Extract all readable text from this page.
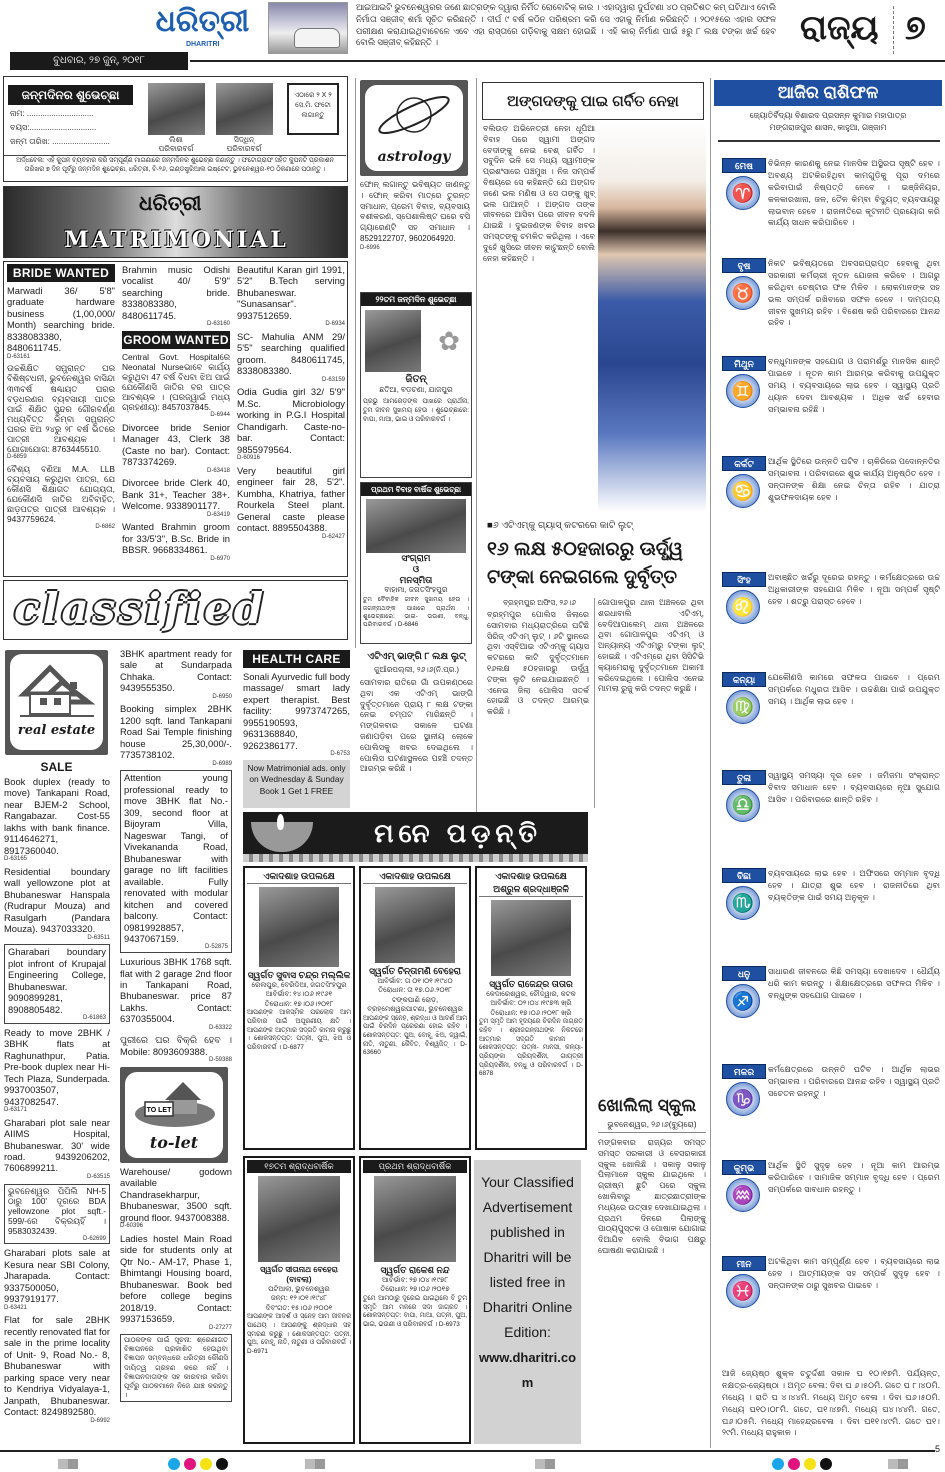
ଧରିତ୍ରୀ
DHARITRI
ବୁଧବାର, ୨୭ ଜୁନ୍, ୨୦୧୮
ଆଇଆଇଟି ଭୁବନେଶ୍ୱରର ଜଣେ ଛାତ୍ରଙ୍କ ଦ୍ୱାରା ନିର୍ମିତ ରୋବୋଟିକ୍ କାର । ଏହାଦ୍ୱାରା ଦୁର୍ଘଟଣା ୪୦ ପ୍ରତିଶତ କମ୍ ଘଟିଥାଏ ବୋଲି ନିର୍ମାତା ସଞ୍ଜୀବ୍ ଶର୍ମା ସୂଚିତ କରିଛନ୍ତି । ଦୀର୍ଘ ୯ ବର୍ଷ କଠିନ ପରିଶ୍ରମ କରି ସେ ଏହାକୁ ନିର୍ମାଣ କରିଛନ୍ତି । ୨୦୧୫ରେ ଏହାର ସଫଳ ପରୀକ୍ଷଣ କରାଯାଇଥିବାବେଳେ ଏବେ ଏହା ରାସ୍ତାରେ ଗଡ଼ିବାକୁ ସକ୍ଷମ ହୋଇଛି । ଏହି କାର୍ ନିର୍ମାଣ ପାଇଁ ୫ରୁ ୮ ଲକ୍ଷ ଟଙ୍କା ଖର୍ଚ୍ଚ ହେବ ବୋଲି ସଞ୍ଜୀବ୍ କହିଛନ୍ତି ।	ରାଜ୍ୟ ୭
ଜନ୍ମଦିନର ଶୁଭେଚ୍ଛା
ନାମ: ..............................
ବୟସ:..............................
ଜନ୍ମ ତାରିଖ: ..........................	ଲିଶା
ପରିବାରବର୍ଗ
ସିଦ୍ଧିନ୍
ପରିବାରବର୍ଗ
ଏଠାରେ ୨ X ୨ ସେ.ମି. ଫଟୋ ଲଗାନ୍ତୁ
ଅର୍ଦ୍ଧବେଳା: ଏହି କୁପନ ବ୍ୟବହାର କରି ସମ୍ପୂର୍ଣ୍ଣ ମାଗଣାରେ ଜନ୍ମଦିନର ଶୁଭେଚ୍ଛା ଜଣାନ୍ତୁ । ଫଟୋଗ୍ରାଫ ସହିତ କୁପନଟି ପ୍ରକାଶନ ତାରିଖର ୭ ଦିନ ପୂର୍ବରୁ ଜନ୍ମଦିନ ଶୁଭେଚ୍ଛା, ଧରିତ୍ରୀ, ବି-୨୬, ଇଣ୍ଡଷ୍ଟ୍ରିଆଲ ଇଷ୍ଟେଟ, ଭୁବନେଶ୍ୱର-୧୦ ଠିକଣାରେ ପଠାନ୍ତୁ ।
ଧରିତ୍ରୀ
MATRIMONIAL
BRIDE WANTED

Marwadi 36/ 5'8" graduate hardware business (1,00,000/ Month) searching bride. 8338083380, 8480611745.
D-63161

ଉଚ୍ଚଶିକ୍ଷିତ ସମ୍ଭ୍ରାନ୍ତ ଘର ବିଶିଷ୍ଟଧନୀ, ଭୁବନେଶ୍ୱର ବାସିନ୍ଦା ୩୩ବର୍ଷ ଷଣ୍ଢାୟତ ଘରର ବଡ଼ଧରଣର ବ୍ୟବସାୟୀ ପାତ୍ର ପାଇଁ ଶିକ୍ଷିତ ସୁନ୍ଦର ଗୌରବର୍ଣ୍ଣ ମଧ୍ୟବିତ୍ତ କିମ୍ବା ସମ୍ଭ୍ରାନ୍ତ ଘରର ଝିଅ ୨୪ରୁ ୨୮ ବର୍ଷ ଭିତରେ ପାତ୍ରୀ ଆବଶ୍ୟକ । ଯୋଗାଯୋଗ: 8763445510.
D-6859

ବୈଶ୍ୟ ବଣିଆ M.A. LLB ବ୍ୟବସାୟ କରୁଥିବା ପାତ୍ର, ଯେ କୌଣସି ଶିକ୍ଷାଗତ ଯୋଗ୍ୟତା, ଯେକୌଣସି ଜାତିର ଅବିବାହିତ, ଛାଡ଼ପତ୍ର ପାତ୍ରୀ ଆବଶ୍ୟକ । 9437759624.
D-6862

Brahmin music Odishi vocalist 40/ 5'9" searching bride. 8338083380, 8480611745.
D-63160

GROOM WANTED

Central Govt. Hospitalରେ Neonatal Nurseଭାବେ କାର୍ଯ୍ୟ କରୁଥିବା 47 ବର୍ଷ ବିଧବା ଝିଅ ପାଇଁ ଯେକୌଣସି ଜାତିର ବର ପାତ୍ର ଆବଶ୍ୟକ । (ଘରଜ୍ୱାଇଁ ମଧ୍ୟ ଗ୍ରହଣୀୟ): 8457037845.
D-6944

Divorcee bride Senior Manager 43, Clerk 38 (Caste no bar). Contact: 7873374269.
D-63418

Divorcee bride Clerk 40, Bank 31+, Teacher 38+. Welcome. 9338901177.
D-63419

Wanted Brahmin groom for 33/5'3", B.Sc. Bride in BBSR. 9668334861.
D-6970

Beautiful Karan girl 1991, 5'2" B.Tech serving Bhubaneswar. "Sunasansar". 9937512659.
D-6934

SC- Mahulia ANM 29/ 5'5" searching qualified groom. 8480611745, 8338083380.
D-63159

Odia Gudia girl 32/ 5'9" M.Sc. Microbiology working in P.G.I Hospital Chandigarh. Caste-no-bar. Contact: 9855979564.
D-60916

Very beautiful girl engineer fair 28, 5'2". Kumbha, Khatriya, father Rourkela Steel plant. General caste please contact. 8895504388.
D-62427

classified
real estate
SALE

Book duplex (ready to move) Tankapani Road, near BJEM-2 School, Rangabazar. Cost-55 lakhs with bank finance. 9114646271, 8917360040.
D-63165

Residential boundary wall yellowzone plot at Bhubaneswar Hanspala (Rudrapur Mouza) and Rasulgarh (Pandara Mouza). 9437033320.
D-63511

Gharabari boundary plot infront of Krupajal Engineering College, Bhubaneswar. 9090899281, 8908805482.
D-61863

Ready to move 2BHK / 3BHK flats at Raghunathpur, Patia. Pre-book duplex near Hi-Tech Plaza, Sunderpada. 9937003507, 9437082547.
D-63171

Gharabari plot sale near AIIMS Hospital, Bhubaneswar. 30' wide road. 9439206202, 7606899211.
D-63515

ଭୁବନେଶ୍ୱର ପିପିଲି NH-5 ଠାରୁ 100' ଦୂରରେ BDA yellowzone plot sqft.- 599/-ରେ ବିକ୍ରୟହିଁ । 9583032439.
D-62699

Gharabari plots sale at Kesura near SBI Colony, Jharapada. Contact: 9337500050, 9937919177.
D-63421

Flat for sale 2BHK recently renovated flat for sale in the prime locality of Unit- 9, Road No.- 8, Bhubaneswar with parking space very near to Kendriya Vidyalaya-1, Janpath, Bhubaneswar. Contact: 8249892580.
D-6992

3BHK apartment ready for sale at Sundarpada Chhaka. Contact: 9439555350.
D-6950

Booking simplex 2BHK 1200 sqft. land Tankapani Road Sai Temple finishing house 25,30,000/-. 7735738102.
D-6989

Attention young professional ready to move 3BHK flat No.- 309, second floor at Bijoyram Villa, Nageswar Tangi, of Vivekananda Road, Bhubaneswar with garage no lift facilities available. Fully renovated with modular kitchen and covered balcony. Contact: 09819928857, 9437067159.
D-52875

Luxurious 3BHK 1768 sqft. flat with 2 garage 2nd floor in Tankapani Road, Bhubaneswar. price 87 Lakhs. Contact: 6370355004.
D-63322

ପୁରୀରେ ଘର ବିକ୍ରି ହେବ । Mobile: 8093609388.
D-59388

TO LET
to-let

Warehouse/ godown available Chandrasekharpur, Bhubaneswar, 3500 sqft. ground floor. 9437008388.
D-60396

Ladies hostel Main Road side for students only at Qtr No.- AM-17, Phase 1, Bhimtangi Housing board, Bhubaneswar. Book bed before college begins 2018/19. Contact: 9937153659.
D-27277

ପାଠକଙ୍କ ପାଇଁ ସୂଚନା: ଶ୍ରେଣୀଗତ ବିଜ୍ଞାପନରେ ପ୍ରକାଶିତ ହେଉଥିବା ବିଜ୍ଞାପନ ସମ୍ବନ୍ଧରେ ଧରିତ୍ରୀ କୌଣସି ଦାୟିତ୍ୱ ଗ୍ରହଣ କରେ ନାହିଁ । ବିଜ୍ଞାପନଦାତାଙ୍କ ସହ କାରବାର କରିବା ପୂର୍ବରୁ ପାଠକମାନେ ନିଜେ ଯାଞ୍ଚ କରନ୍ତୁ ।

HEALTH CARE

Sonali Ayurvedic full body massage/ smart lady expert therapist. Best facility: 9973747265, 9955190593, 9631368840, 9262386177.
D-6753

Now Matrimonial ads. only on Wednesday & Sunday Book 1 Get 1 FREE
astrology
ଫୋନ୍ ଲଗାନ୍ତୁ ଭବିଷ୍ୟତ ଜାଣନ୍ତୁ । ଫୋନ୍ କରିବା ମାତ୍ରେ ତୁରନ୍ତ ସମାଧାନ, ପ୍ରେମ ବିବାହ, ବ୍ୟବସାୟ ବଶୀକରଣ, ସ୍ପେଶାଲିଷ୍ଟ ଘରେ ବସି ଗ୍ୟାରେଣ୍ଟି ସହ ସମାଧାନ । 8529122707, 9602064920.
D-6996
୨୨ତମ ଜନ୍ମଦିନ ଶୁଭେଚ୍ଛା
✿
ଜିତନ୍
ଛତିଆ, ବଡ଼ଚଣା, ଯାଜପୁର
ପ୍ରଭୁ ଆମରେଡ଼ଙ୍କ ପାଖରେ ପ୍ରାର୍ଥନା, ତୁମ ଜୀବନ ସୁଖମୟ ହେଉ । ଶୁଭେଚ୍ଛାରେ: ବାପା, ମାଆ, ଭାଇ ଓ ପରିବାରବର୍ଗ ।
ପ୍ରଥମ ବିବାହ ବାର୍ଷିକ ଶୁଭେଚ୍ଛା
ସଂଗ୍ରାମ
ଓ
ମନସ୍ମିତା
ବାହାମା, ଜଗତସିଂହପୁର
ତୁମ ବୈବାହିକ ଜୀବନ ସୁଖମୟ ହେଉ । ଜଗନ୍ନାଥଙ୍କ ପାଖରେ ପ୍ରାର୍ଥନା । ଶୁଭେଚ୍ଛାରେ: ଭାଇ- ଭଉଣୀ, ବନ୍ଧୁ, ପରିବାରବର୍ଗ । D-6846
ଏଟିଏମ୍ ଭାଙ୍ଗି ୮ ଲକ୍ଷ ଲୁଟ୍
କୁଆଁରପଲ୍ଲୀ, ୨୬।୬(ନି.ପ୍ର.)
ସୋମବାର ରାତିରେ ଗାଁ ଉପକଣ୍ଠରେ ଥିବା ଏକ ଏଟିଏମ୍ ଭାଙ୍ଗି ଦୁର୍ବୃତ୍ତମାନେ ପ୍ରାୟ ୮ ଲକ୍ଷ ଟଙ୍କା ନେଇ ଚମ୍ପଟ ମାରିଛନ୍ତି । ମଙ୍ଗଳବାର ସକାଳେ ଘଟଣା ଜଣାପଡ଼ିବା ପରେ ସ୍ଥାନୀୟ ଲୋକେ ପୋଲିସକୁ ଖବର ଦେଇଥିଲେ । ପୋଲିସ ଘଟଣାସ୍ଥଳରେ ପହଞ୍ଚି ତଦନ୍ତ ଆରମ୍ଭ କରିଛି ।
ଅଙ୍ଗଦଙ୍କୁ ପାଇ ଗର୍ବିତ ନେହା
ବଲିଉଡ଼ ଅଭିନେତ୍ରୀ ନେହା ଧୂପିଆ ବିବାହ ପରେ ସ୍ୱାମୀ ଅଙ୍ଗଦ ବେଦୀଙ୍କୁ ନେଇ ବେଶ୍ ଗର୍ବିତ । ସବୁଦିନ ଭଳି ସେ ମଧ୍ୟ ସ୍ୱାମୀଙ୍କ ପ୍ରଶଂସାରେ ପଞ୍ଚମୁଖ । ନିଜ ସମ୍ପର୍କ ବିଷୟରେ ସେ କହିଛନ୍ତି ଯେ ଅଙ୍ଗଦ ଜଣେ ଭଲ ମଣିଷ ଓ ସେ ତାଙ୍କୁ ଖୁବ୍ ଭଲ ପାଆନ୍ତି । ଅଙ୍ଗଦ ତାଙ୍କ ଜୀବନରେ ଆସିବା ପରେ ଜୀବନ ବଦଳି ଯାଇଛି । ଦୁଇଜଣଙ୍କ ବିବାହ ଖବର ସମସ୍ତଙ୍କୁ ଚମକିତ କରିଥିଲା । ଏବେ ଦୁହେଁ ଖୁସିରେ ଜୀବନ କାଟୁଛନ୍ତି ବୋଲି ନେହା କହିଛନ୍ତି ।
■୬ ଏଟିଏମ୍‌କୁ ଗ୍ୟାସ୍ କଟରରେ କାଟି ଲୁଟ୍
୧୬ ଲକ୍ଷ ୫୦ହଜାରରୁ ଊର୍ଦ୍ଧ୍ୱ ଟଙ୍କା ନେଇଗଲେ ଦୁର୍ବୃତ୍ତ
ବ୍ରହ୍ମପୁର ଅଫିସ, ୨୬।୬
ବ୍ରହ୍ମପୁର ପୋଲିସ ଜିଲାରେ ସୋମବାର ମଧ୍ୟରାତ୍ରିରେ ଘଟିଛି ସିରିଜ୍ ଏଟିଏମ୍ ଲୁଟ୍ । ୬ଟି ସ୍ଥାନରେ ଥିବା ଏସ୍‌ବିଆଇ ଏଟିଏମ୍‌କୁ ଗ୍ୟାସ କଟରରେ କାଟି ଦୁର୍ବୃତ୍ତମାନେ ୧୬ଲକ୍ଷ ୫୦ହଜାରରୁ ଊର୍ଦ୍ଧ୍ୱ ଟଙ୍କା ଲୁଟି ନେଇଯାଇଛନ୍ତି । ଏନେଇ ଜିଲା ପୋଲିସ ସତର୍କ ହୋଇଛି ଓ ତଦନ୍ତ ଆରମ୍ଭ କରିଛି ।
ଗୋପାଳପୁର ଥାନା ଅଞ୍ଚଳରେ ଥିବା ଶରଧାବାଲି ଏଟିଏମ୍, ବେଦିଆପାଲେମ୍ ଥାନା ଅଞ୍ଚଳରେ ଥିବା ଗୋପାଳପୁର ଏଟିଏମ୍ ଓ ଅନ୍ୟାନ୍ୟ ଏଟିଏମ୍‌ରୁ ଟଙ୍କା ଲୁଟ୍ ହୋଇଛି । ଏଟିଏମ୍‌ରେ ଥିବା ସିସିଟିଭି କ୍ୟାମେରାକୁ ଦୁର୍ବୃତ୍ତମାନେ ଅକାମୀ କରିଦେଇଥିଲେ । ପୋଲିସ ଏନେଇ ମାମଲା ରୁଜୁ କରି ତଦନ୍ତ କରୁଛି ।
ଖୋଲିଲା ସ୍କୁଲ
ଭୁବନେଶ୍ୱର, ୨୬।୬(ବ୍ୟୁରୋ)
ମଙ୍ଗଳବାର ରାଜ୍ୟର ସମସ୍ତ ସମସ୍ତ ସରକାରୀ ଓ ବେସରକାରୀ ସ୍କୁଲ ଖୋଲିଛି । ସକାଳୁ ସକାଳୁ ପିଲାମାନେ ସ୍କୁଲ ଯାଇଥିଲେ । ଗ୍ରୀଷ୍ମ ଛୁଟି ପରେ ସ୍କୁଲ ଖୋଲିବାରୁ ଛାତ୍ରଛାତ୍ରୀଙ୍କ ମଧ୍ୟରେ ଉତ୍ସାହ ଦେଖାଯାଇଥିଲା । ପ୍ରଥମ ଦିନରେ ପିଲାଙ୍କୁ ପାଠ୍ୟପୁସ୍ତକ ଓ ପୋଷାକ ଯୋଗାଇ ଦିଆଯିବ ବୋଲି ବିଭାଗ ପକ୍ଷରୁ ଘୋଷଣା କରାଯାଇଛି ।
ମନେ ପଡ଼ନ୍ତି
ଏକାଦଶାହ ଉପଲକ୍ଷେ
ସ୍ୱର୍ଗତ ସୁବାସ ଚନ୍ଦ୍ର ମଲ୍ଲିକ
ରେଲପୁର, ବେରିଡିଆ, ଜଗତସିଂହପୁର
ଆବିର୍ଭାବ: ୧୪।୦୬।୧୯୬୧
ତିରୋଧାନ: ୧୭।୦୬।୨୦୧୮
ଆପଣଙ୍କ ଆକସ୍ମିକ ପରଲୋକ ଆମ ପରିବାର ପାଇଁ ଅପୂରଣୀୟ କ୍ଷତି । ଆପଣଙ୍କ ଆତ୍ମାର ସଦ୍‌ଗତି କାମନା କରୁଛୁ । ଶୋକସନ୍ତପ୍ତ: ପତ୍ନୀ, ପୁଅ, ଝିଅ ଓ ପରିବାରବର୍ଗ । D-6877
ଏକାଦଶାହ ଉପଲକ୍ଷେ
ସ୍ୱର୍ଗତ ଚିନ୍ତାମଣି ବେହେରା
ଆବିର୍ଭାବ: ତା ୦୧।୦୧।୧୯୪୦
ତିରୋଧାନ: ତା ୧୭.୦୬.୨୦୧୮
ଟଙ୍କପାଣି ରୋଡ଼, ବ୍ରହ୍ମେଶ୍ୱରପାଟଣା, ଭୁବନେଶ୍ୱର
ଆପଣଙ୍କ ସ୍ନେହ, ଶ୍ରଦ୍ଧା ଓ ଆଦର୍ଶ ଆମ ପାଇଁ ଚିରଦିନ ପ୍ରେରଣା ହୋଇ ରହିବ । ଶୋକସନ୍ତପ୍ତ: ପୁଅ, ବୋହୂ, ଝିଅ, ଜ୍ୱାଇଁ, ନାତି, ନାତୁଣୀ, କୈବିତ, ବିଶ୍ୱଜିତ୍ । D-63660
ଏକାଦଶାହ ଉପଲକ୍ଷେ
ଅଶ୍ରୁଳ ଶ୍ରଦ୍ଧାଞ୍ଜଳି
ସ୍ୱର୍ଗତ ରାଜେନ୍ଦ୍ର ତାତାର
କେଦାରେଶ୍ୱର, ଚୌଦ୍ୱାର, କଟକ
ଆବିର୍ଭାବ: ୦୨।୦୪।୧୯୭୩ ଖ୍ରି
ତିରୋଧାନ: ୧୭।୦୬।୨୦୧୮ ଖ୍ରି
ତୁମ ସ୍ମୃତି ଆମ ହୃଦୟରେ ଚିରଦିନ ଜାଗ୍ରତ ରହିବ । ଶ୍ରୀଜଗନ୍ନାଥଙ୍କ ନିକଟରେ ଆତ୍ମାର ସଦ୍‌ଗତି କାମନା । ଶୋକସନ୍ତପ୍ତ: ପତ୍ନୀ- ମାନସୀ, କନ୍ୟା- ପ୍ରିୟଙ୍କା ପ୍ରିୟଦର୍ଶିନୀ, ଗାୟତ୍ରୀ ପ୍ରିୟଦର୍ଶିନୀ, ବନ୍ଧୁ ଓ ପରିବାରବର୍ଗ । D-6878
୧୭ତମ ଶ୍ରାଦ୍ଧବାର୍ଷିକ
ସ୍ୱର୍ଗତ ସୀତାନାଥ ବେହେରା (ବାବଲା)
ପଟିଆଲା, ଭୁବନେଶ୍ୱର
ଜନ୍ମ: ୧୨।୦୧।୧୯୪୮
ଦିବଂଗତ: ୧୫।୦୬।୨୦୦୧
ଆପଣଙ୍କ ଆଦର୍ଶ ଓ ସ୍ନେହ ଆମ ଜୀବନର ପାଥେୟ । ଆପଣଙ୍କୁ ଶ୍ରଦ୍ଧାର ସହ ସ୍ମରଣ କରୁଛୁ । ଶୋକସନ୍ତପ୍ତ: ପତ୍ନୀ, ପୁଅ, ବୋହୂ, ନାତି, ନାତୁଣୀ ଓ ପରିବାରବର୍ଗ । D-6971
ପ୍ରଥମ ଶ୍ରାଦ୍ଧବାର୍ଷିକ
ସ୍ୱର୍ଗତ ରାକେଶ ନନ୍ଦ
ଆବିର୍ଭାବ: ୨୭।୦୪।୧୯୭୮
ତିରୋଧାନ: ୨୭।୦୬।୨୦୧୭
ତୁମେ ଆମଠାରୁ ଦୂରେଇ ଯାଇଥିଲେ ବି ତୁମ ସ୍ମୃତି ଆମ ମନରେ ସଦା ଜାଗ୍ରତ । ଶୋକସନ୍ତପ୍ତ: ବାପା, ମାଆ, ପତ୍ନୀ, ପୁଅ, ଭାଇ, ଭଉଣୀ ଓ ପରିବାରବର୍ଗ । D-6973
Your Classified Advertisement published in Dharitri will be listed free in Dharitri Online Edition:
www.dharitri.com
ଆଜିର ରାଶିଫଳ
ଜ୍ୟୋତିର୍ବିଦ୍ୟା ବିଶାରଦ ପ୍ରସନ୍ନ କୁମାର ମହାପାତ୍ର
ମଙ୍ଗରାଜପୁର ଶାସନ, କାହୁଆ, ଗଞ୍ଜାମ
ମେଷ
♈
ବିଭିନ୍ନ କାରଣକୁ ନେଇ ମାନସିକ ଅସ୍ଥିରତା ସୃଷ୍ଟି ହେବ । ଅବଶ୍ୟ ଅଟକିରହିଥିବା କାମଗୁଡ଼ିକୁ ପୂରା ଦମରେ କରିବାପାଇଁ ନିଷ୍ପତ୍ତି ନେବେ । ଇଞ୍ଜିନିୟର, କଳକାରଖାନା, ଜଳ, ତୈଳ କିମ୍ବା ବିଦ୍ୟୁତ୍ ବ୍ୟବସାୟରୁ ଲାଭବାନ ହେବେ । ରାଜନୀତିରେ କୂଟନୀତି ପ୍ରୟୋଗ କରି କାର୍ଯ୍ୟ ସାଧନ କରିପାରିବେ ।
ବୃଷ
♉
ନିକଟ ଭବିଷ୍ୟତରେ ଅବସରପ୍ରାପ୍ତ ହେବାକୁ ଥିବା ସରକାରୀ କର୍ମଚାରୀ ନୂତନ ଯୋଜନା କରିବେ । ଆଗରୁ କରିଥିବା ଚେଷ୍ଟାର ଫଳ ମିଳିବ । ଲୋକମାନଙ୍କ ସହ ଭଲ ସମ୍ପର୍କ ରଖିବାରେ ସଫଳ ହେବେ । ଦାମ୍ପତ୍ୟ ଜୀବନ ସୁଖମୟ ରହିବ । ବିଶେଷ କରି ପରିବାରରେ ଆନନ୍ଦ ରହିବ ।
ମିଥୁନ
♊
ବନ୍ଧୁମାନଙ୍କ ସହଯୋଗ ଓ ପରାମର୍ଶରୁ ମାନସିକ ଶାନ୍ତି ପାଇବେ । ନୂତନ କାମ ଆରମ୍ଭ କରିବାକୁ ଉପଯୁକ୍ତ ସମୟ । ବ୍ୟବସାୟରେ ଲାଭ ହେବ । ସ୍ୱାସ୍ଥ୍ୟ ପ୍ରତି ଧ୍ୟାନ ଦେବା ଆବଶ୍ୟକ । ଅଧିକ ଖର୍ଚ୍ଚ ହେବାର ସମ୍ଭାବନା ରହିଛି ।
କର୍କଟ
♋
ଆର୍ଥିକ ସ୍ଥିତିରେ ଉନ୍ନତି ଘଟିବ । ଚାକିରିରେ ପଦୋନ୍ନତିର ସମ୍ଭାବନା । ପରିବାରରେ ଶୁଭ କାର୍ଯ୍ୟ ଅନୁଷ୍ଠିତ ହେବ । ସନ୍ତାନଙ୍କ ଶିକ୍ଷା ନେଇ ଚିନ୍ତା ରହିବ । ଯାତ୍ରା ଶୁଭଫଳଦାୟକ ହେବ ।
ସିଂହ
♌
ଅବାଞ୍ଛିତ ଖର୍ଚ୍ଚରୁ ଦୂରେଇ ରହନ୍ତୁ । କର୍ମକ୍ଷେତ୍ରରେ ଉଚ୍ଚ ଅଧିକାରୀଙ୍କ ସହଯୋଗ ମିଳିବ । ନୂଆ ସମ୍ପର୍କ ସୃଷ୍ଟି ହେବ । ଶତ୍ରୁ ପରାସ୍ତ ହେବେ ।
କନ୍ୟା
♍
ଯେକୌଣସି କାମରେ ସଫଳତା ପାଇବେ । ପ୍ରେମ ସମ୍ପର୍କରେ ମଧୁରତା ଆସିବ । ଉଚ୍ଚଶିକ୍ଷା ପାଇଁ ଉପଯୁକ୍ତ ସମୟ । ଆର୍ଥିକ ଲାଭ ହେବ ।
ତୁଳା
♎
ସ୍ୱାସ୍ଥ୍ୟ ସମସ୍ୟା ଦୂର ହେବ । ଜମିଜମା ସଂକ୍ରାନ୍ତ ବିବାଦ ସମାଧାନ ହେବ । ବ୍ୟବସାୟରେ ନୂଆ ସୁଯୋଗ ଆସିବ । ପରିବାରରେ ଶାନ୍ତି ରହିବ ।
ବିଛା
♏
ବ୍ୟବସାୟରେ ଲାଭ ହେବ । ଅଫିସରେ ସମ୍ମାନ ବୃଦ୍ଧି ହେବ । ଯାତ୍ରା ଶୁଭ ହେବ । ରାଜନୀତିରେ ଥିବା ବ୍ୟକ୍ତିଙ୍କ ପାଇଁ ସମୟ ଅନୁକୂଳ ।
ଧନୁ
♐
ସାଧାରଣ ଜୀବନରେ କିଛି ସମସ୍ୟା ଦେଖାଦେବ । ଧୈର୍ଯ୍ୟ ଧରି କାମ କରନ୍ତୁ । ଶିକ୍ଷାକ୍ଷେତ୍ରରେ ସଫଳତା ମିଳିବ । ବନ୍ଧୁଙ୍କ ସହଯୋଗ ପାଇବେ ।
ମକର
♑
କର୍ମକ୍ଷେତ୍ରରେ ଉନ୍ନତି ଘଟିବ । ଆର୍ଥିକ ଲାଭର ସମ୍ଭାବନା । ପରିବାରରେ ଆନନ୍ଦ ରହିବ । ସ୍ୱାସ୍ଥ୍ୟ ପ୍ରତି ସଚେତନ ରହନ୍ତୁ ।
କୁମ୍ଭ
♒
ଆର୍ଥିକ ସ୍ଥିତି ସୁଦୃଢ଼ ହେବ । ନୂଆ କାମ ଆରମ୍ଭ କରିପାରିବେ । ସାମାଜିକ ସମ୍ମାନ ବୃଦ୍ଧି ହେବ । ପ୍ରେମ ସମ୍ପର୍କରେ ସାବଧାନ ରହନ୍ତୁ ।
ମୀନ
♓
ଅଟକିଥିବା କାମ ସମ୍ପୂର୍ଣ୍ଣ ହେବ । ବ୍ୟବସାୟରେ ଲାଭ ହେବ । ଆତ୍ମୀୟଙ୍କ ସହ ସମ୍ପର୍କ ସୁଦୃଢ଼ ହେବ । ସନ୍ତାନଙ୍କ ଠାରୁ ସୁଖବର ପାଇବେ ।
ଆଜି ଜ୍ୟେଷ୍ଠ ଶୁକ୍ଳ ଚତୁର୍ଦ୍ଦଶୀ ସକାଳ ଘ ୧୦।୧୭ମି. ପର୍ଯ୍ୟନ୍ତ, ନକ୍ଷତ୍ର-ଜ୍ୟେଷ୍ଠା । ଅମୃତ ବେଳା: ଦିବା ଘ ୬।୫୦ମି. ଗତେ ଘ ୮।୪୦ମି. ମଧ୍ୟେ । ରାତି ଘ ୪।୪୪ମି. ମଧ୍ୟେ ଅମୃତ ବେଳା । ଦିବା ଘ୬।୫୦ମି. ମଧ୍ୟେ ଘ୧୦।୦୮ମି. ଗତେ, ଘ୧।୪୭ମି. ମଧ୍ୟେ ଘ୪।୪୪ମି. ଗତେ, ଘ୬।୦୫ମି. ମଧ୍ୟେ ମାହେନ୍ଦ୍ରବେଳା । ଦିବା ଘ୧୧।୪୯ମି. ଗତେ ଘ୧।୨୯ମି. ମଧ୍ୟେ ରାହୁକାଳ ।
5
